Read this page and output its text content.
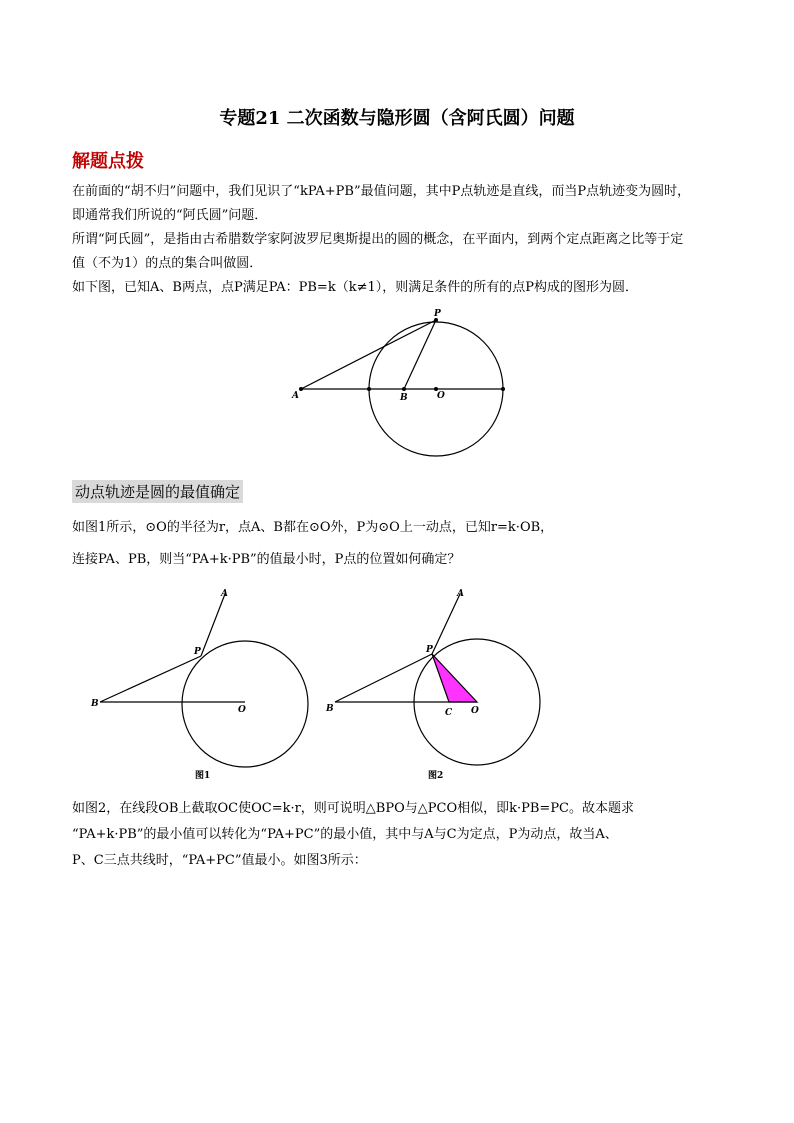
专题21 二次函数与隐形圆（含阿氏圆）问题
解题点拨
在前面的“胡不归”问题中，我们见识了“kPA+PB”最值问题，其中P点轨迹是直线，而当P点轨迹变为圆时，
即通常我们所说的“阿氏圆”问题．
所谓“阿氏圆”，是指由古希腊数学家阿波罗尼奥斯提出的圆的概念，在平面内，到两个定点距离之比等于定
值（不为1）的点的集合叫做圆．
如下图，已知A、B两点，点P满足PA：PB=k（k≠1），则满足条件的所有的点P构成的图形为圆．
A	B	O
P
动点轨迹是圆的最值确定
如图1所示，⊙O的半径为r，点A、B都在⊙O外，P为⊙O上一动点，已知r=k·OB，
连接PA、PB，则当“PA+k·PB”的值最小时，P点的位置如何确定？
A
P
B
O
图1
A
P
B	C O
图2
如图2，在线段OB上截取OC使OC=k·r，则可说明△BPO与△PCO相似，即k·PB=PC。故本题求
“PA+k·PB”的最小值可以转化为“PA+PC”的最小值，其中与A与C为定点，P为动点，故当A、
P、C三点共线时，“PA+PC”值最小。如图3所示：
